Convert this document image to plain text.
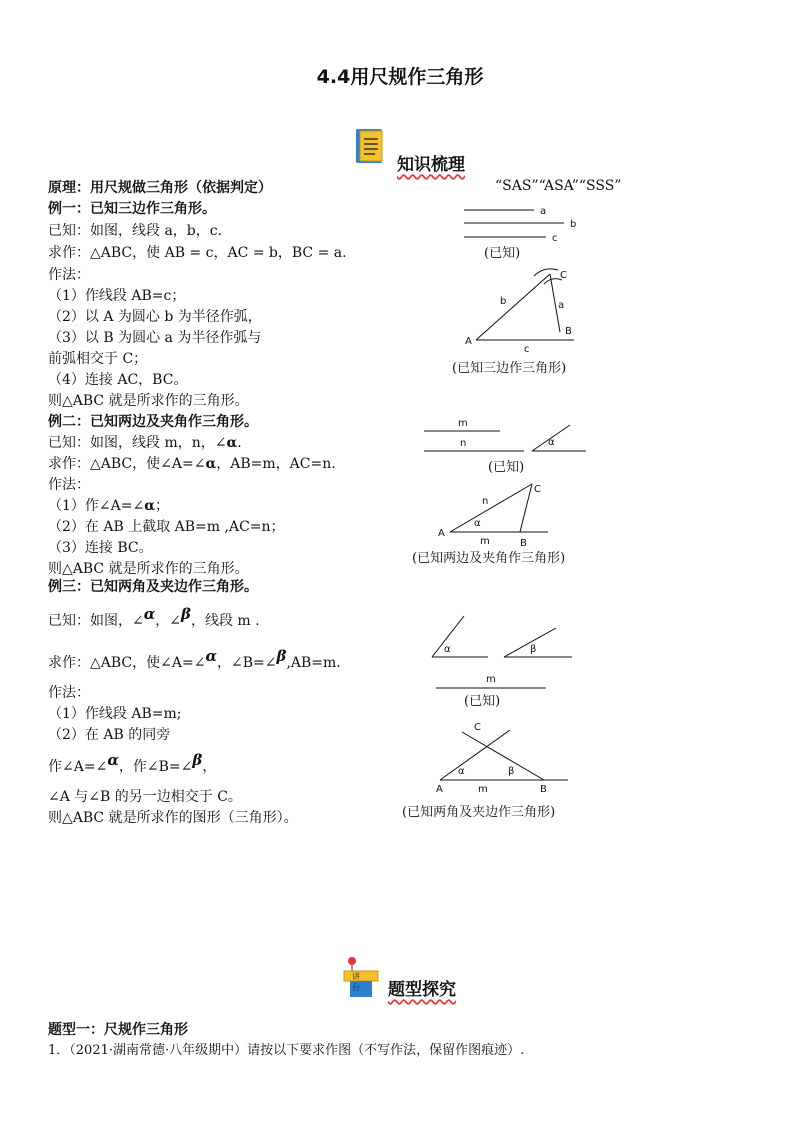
4.4用尺规作三角形
知识梳理
原理：用尺规做三角形（依据判定）	“SAS”“ASA”“SSS”
例一：已知三边作三角形。
已知：如图，线段 a，b，c.
求作：△ABC，使 AB = c，AC = b，BC = a.
作法：
（1）作线段 AB=c；
（2）以 A 为圆心 b 为半径作弧，
（3）以 B 为圆心 a 为半径作弧与
前弧相交于 C；
（4）连接 AC，BC。
则△ABC 就是所求作的三角形。
a
b
c
(已知)
A
B
C
b	a
c
(已知三边作三角形)
例二：已知两边及夹角作三角形。
已知：如图，线段 m，n，∠α.
求作：△ABC，使∠A=∠α，AB=m，AC=n.
作法：
（1）作∠A=∠α；
（2）在 AB 上截取 AB=m ,AC=n；
（3）连接 BC。
则△ABC 就是所求作的三角形。
m
n	α
(已知)
A
B
C
n
α
m
(已知两边及夹角作三角形)
例三：已知两角及夹边作三角形。
已知：如图，∠α，∠β，线段 m .
求作：△ABC，使∠A=∠α，∠B=∠β,AB=m.
作法：
（1）作线段 AB=m;
（2）在 AB 的同旁
作∠A=∠α，作∠B=∠β，
∠A 与∠B 的另一边相交于 C。
则△ABC 就是所求作的图形（三角形）。
α	β
m
(已知)
C
A	B
α	β
m
(已知两角及夹边作三角形)
讲台 题型探究
题型一：尺规作三角形
1．（2021·湖南常德·八年级期中）请按以下要求作图（不写作法，保留作图痕迹）.
